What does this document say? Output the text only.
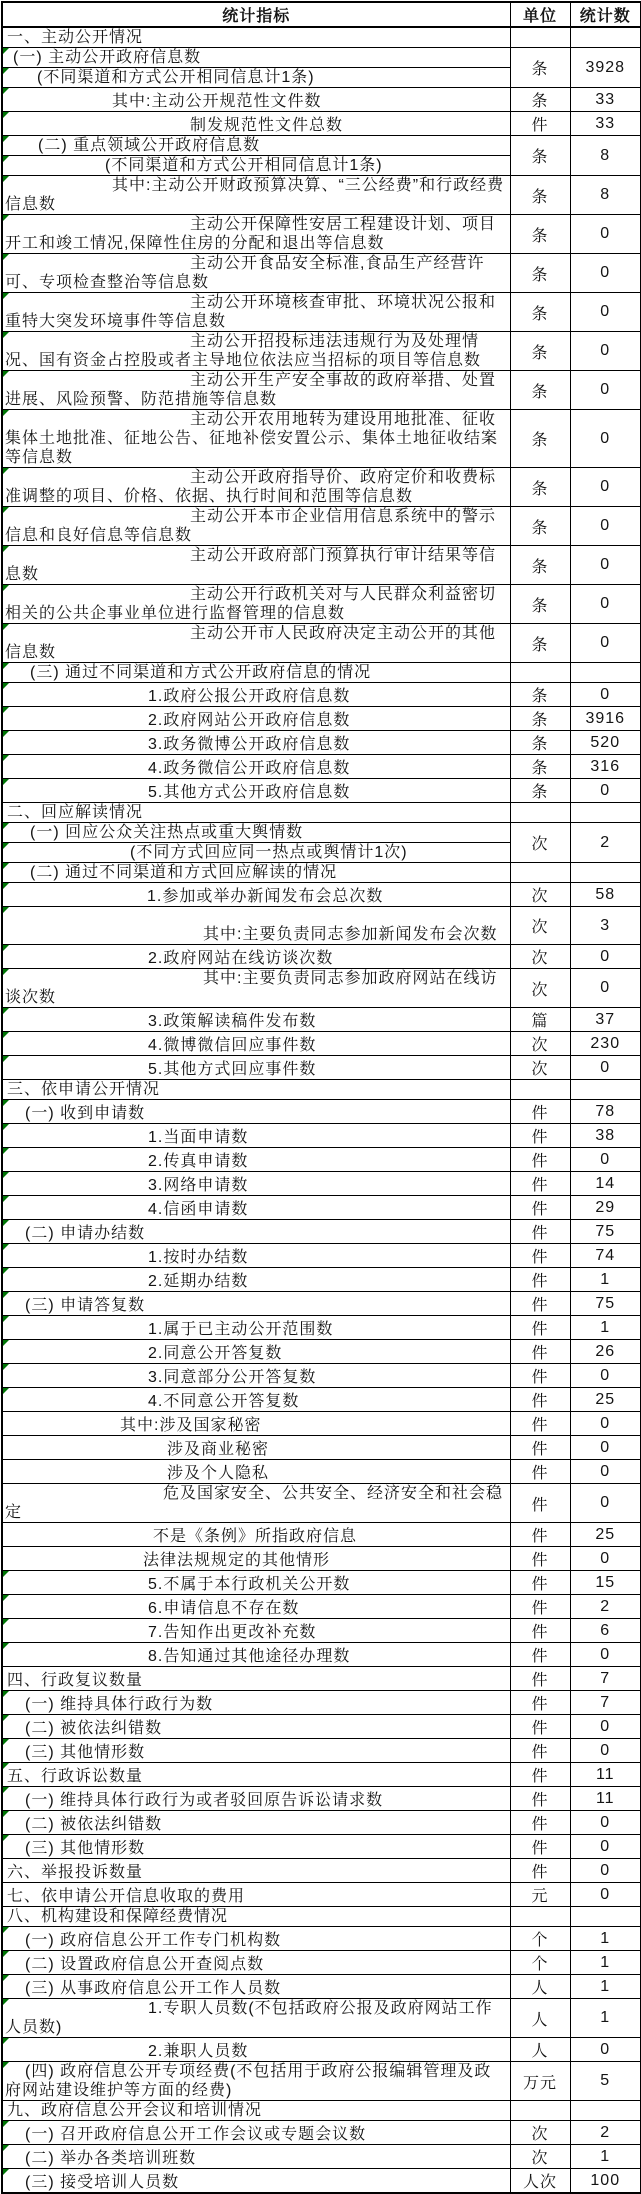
统计指标	单位	统计数
一、主动公开情况		

(一) 主动公开政府信息数	条	3928

(不同渠道和方式公开相同信息计1条)		

其中:主动公开规范性文件数	条	33

制发规范性文件总数	件	33

(二) 重点领域公开政府信息数	条	8

(不同渠道和方式公开相同信息计1条)		

其中:主动公开财政预算决算、“三公经费”和行政经费信息数	条	8

主动公开保障性安居工程建设计划、项目开工和竣工情况,保障性住房的分配和退出等信息数	条	0

主动公开食品安全标准,食品生产经营许可、专项检查整治等信息数	条	0

主动公开环境核查审批、环境状况公报和重特大突发环境事件等信息数	条	0

主动公开招投标违法违规行为及处理情况、国有资金占控股或者主导地位依法应当招标的项目等信息数	条	0

主动公开生产安全事故的政府举措、处置进展、风险预警、防范措施等信息数	条	0

主动公开农用地转为建设用地批准、征收集体土地批准、征地公告、征地补偿安置公示、集体土地征收结案等信息数	条	0

主动公开政府指导价、政府定价和收费标准调整的项目、价格、依据、执行时间和范围等信息数	条	0

主动公开本市企业信用信息系统中的警示信息和良好信息等信息数	条	0

主动公开政府部门预算执行审计结果等信息数	条	0

主动公开行政机关对与人民群众利益密切相关的公共企事业单位进行监督管理的信息数	条	0

主动公开市人民政府决定主动公开的其他信息数	条	0

(三) 通过不同渠道和方式公开政府信息的情况		

1.政府公报公开政府信息数	条	0

2.政府网站公开政府信息数	条	3916

3.政务微博公开政府信息数	条	520

4.政务微信公开政府信息数	条	316

5.其他方式公开政府信息数	条	0
二、回应解读情况		

(一) 回应公众关注热点或重大舆情数	次	2

(不同方式回应同一热点或舆情计1次)		

(二) 通过不同渠道和方式回应解读的情况		

1.参加或举办新闻发布会总次数	次	58

其中:主要负责同志参加新闻发布会次数	次	3

2.政府网站在线访谈次数	次	0

其中:主要负责同志参加政府网站在线访谈次数	次	0

3.政策解读稿件发布数	篇	37

4.微博微信回应事件数	次	230

5.其他方式回应事件数	次	0
三、依申请公开情况		

(一) 收到申请数	件	78

1.当面申请数	件	38

2.传真申请数	件	0

3.网络申请数	件	14

4.信函申请数	件	29

(二) 申请办结数	件	75

1.按时办结数	件	74

2.延期办结数	件	1

(三) 申请答复数	件	75

1.属于已主动公开范围数	件	1

2.同意公开答复数	件	26

3.同意部分公开答复数	件	0

4.不同意公开答复数	件	25
其中:涉及国家秘密	件	0
涉及商业秘密	件	0
涉及个人隐私	件	0
危及国家安全、公共安全、经济安全和社会稳定	件	0
不是《条例》所指政府信息	件	25
法律法规规定的其他情形	件	0

5.不属于本行政机关公开数	件	15

6.申请信息不存在数	件	2

7.告知作出更改补充数	件	6

8.告知通过其他途径办理数	件	0
四、行政复议数量	件	7

(一) 维持具体行政行为数	件	7

(二) 被依法纠错数	件	0

(三) 其他情形数	件	0

五、行政诉讼数量	件	11

(一) 维持具体行政行为或者驳回原告诉讼请求数	件	11

(二) 被依法纠错数	件	0

(三) 其他情形数	件	0
六、举报投诉数量	件	0
七、依申请公开信息收取的费用	元	0
八、机构建设和保障经费情况		

(一) 政府信息公开工作专门机构数	个	1

(二) 设置政府信息公开查阅点数	个	1

(三) 从事政府信息公开工作人员数	人	1

1.专职人员数(不包括政府公报及政府网站工作人员数)	人	1

2.兼职人员数	人	0

(四) 政府信息公开专项经费(不包括用于政府公报编辑管理及政府网站建设维护等方面的经费)	万元	5
九、政府信息公开会议和培训情况		

(一) 召开政府信息公开工作会议或专题会议数	次	2

(二) 举办各类培训班数	次	1

(三) 接受培训人员数	人次	100
